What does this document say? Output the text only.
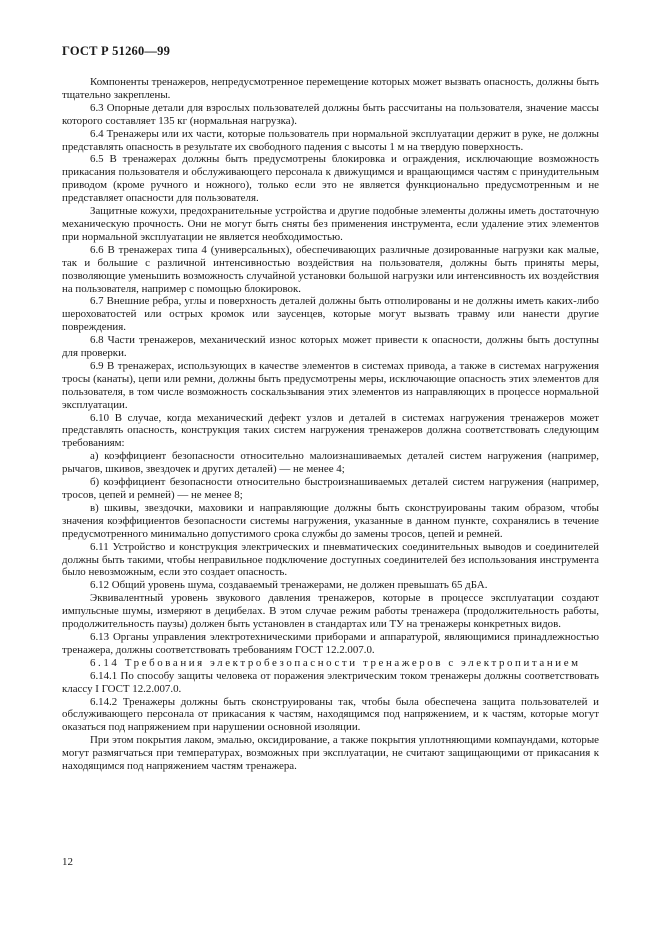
ГОСТ Р 51260—99

Компоненты тренажеров, непредусмотренное перемещение которых может вызвать опасность, должны быть тщательно закреплены.

6.3 Опорные детали для взрослых пользователей должны быть рассчитаны на пользователя, значение массы которого составляет 135 кг (нормальная нагрузка).

6.4 Тренажеры или их части, которые пользователь при нормальной эксплуатации держит в руке, не должны представлять опасность в результате их свободного падения с высоты 1 м на твердую поверхность.

6.5 В тренажерах должны быть предусмотрены блокировка и ограждения, исключающие возможность прикасания пользователя и обслуживающего персонала к движущимся и вращающимся частям с принудительным приводом (кроме ручного и ножного), только если это не является функционально предусмотренным и не представляет опасности для пользователя.

Защитные кожухи, предохранительные устройства и другие подобные элементы должны иметь достаточную механическую прочность. Они не могут быть сняты без применения инструмента, если удаление этих элементов при нормальной эксплуатации не является необходимостью.

6.6 В тренажерах типа 4 (универсальных), обеспечивающих различные дозированные нагрузки как малые, так и большие с различной интенсивностью воздействия на пользователя, должны быть приняты меры, позволяющие уменьшить возможность случайной установки большой нагрузки или интенсивность их воздействия на пользователя, например с помощью блокировок.

6.7 Внешние ребра, углы и поверхность деталей должны быть отполированы и не должны иметь каких-либо шероховатостей или острых кромок или заусенцев, которые могут вызвать травму или нанести другие повреждения.

6.8 Части тренажеров, механический износ которых может привести к опасности, должны быть доступны для проверки.

6.9 В тренажерах, использующих в качестве элементов в системах привода, а также в системах нагружения тросы (канаты), цепи или ремни, должны быть предусмотрены меры, исключающие опасность этих элементов для пользователя, в том числе возможность соскальзывания этих элементов из направляющих в процессе нормальной эксплуатации.

6.10 В случае, когда механический дефект узлов и деталей в системах нагружения тренажеров может представлять опасность, конструкция таких систем нагружения тренажеров должна соответствовать следующим требованиям:

а) коэффициент безопасности относительно малоизнашиваемых деталей систем нагружения (например, рычагов, шкивов, звездочек и других деталей) — не менее 4;

б) коэффициент безопасности относительно быстроизнашиваемых деталей систем нагружения (например, тросов, цепей и ремней) — не менее 8;

в) шкивы, звездочки, маховики и направляющие должны быть сконструированы таким образом, чтобы значения коэффициентов безопасности системы нагружения, указанные в данном пункте, сохранялись в течение предусмотренного минимально допустимого срока службы до замены тросов, цепей и ремней.

6.11 Устройство и конструкция электрических и пневматических соединительных выводов и соединителей должны быть такими, чтобы неправильное подключение доступных соединителей без использования инструмента было невозможным, если это создает опасность.

6.12 Общий уровень шума, создаваемый тренажерами, не должен превышать 65 дБА.

Эквивалентный уровень звукового давления тренажеров, которые в процессе эксплуатации создают импульсные шумы, измеряют в децибелах. В этом случае режим работы тренажера (продолжительность работы, продолжительность паузы) должен быть установлен в стандартах или ТУ на тренажеры конкретных видов.

6.13 Органы управления электротехническими приборами и аппаратурой, являющимися принадлежностью тренажера, должны соответствовать требованиям ГОСТ 12.2.007.0.

6.14 Требования электробезопасности тренажеров с электропитанием

6.14.1 По способу защиты человека от поражения электрическим током тренажеры должны соответствовать классу I ГОСТ 12.2.007.0.

6.14.2 Тренажеры должны быть сконструированы так, чтобы была обеспечена защита пользователей и обслуживающего персонала от прикасания к частям, находящимся под напряжением, и к частям, которые могут оказаться под напряжением при нарушении основной изоляции.

При этом покрытия лаком, эмалью, оксидирование, а также покрытия уплотняющими компаундами, которые могут размягчаться при температурах, возможных при эксплуатации, не считают защищающими от прикасания к находящимся под напряжением частям тренажера.

12
